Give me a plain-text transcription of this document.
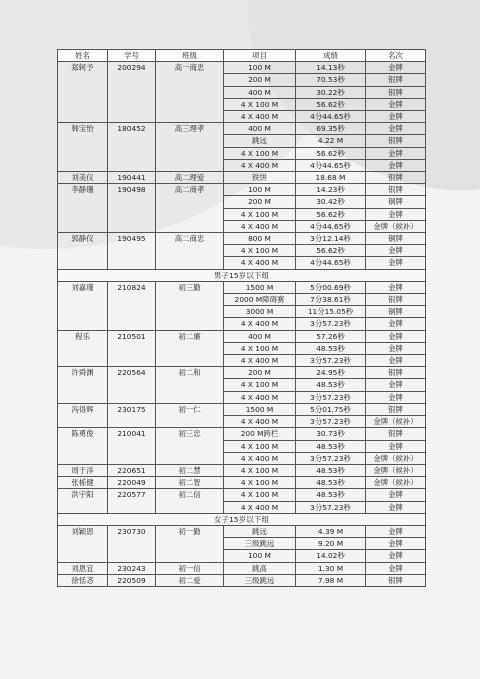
姓名	学号	班级	项目	成绩	名次
郑轲予	200294	高一商忠	100 M	14.13秒	金牌
			200 M	70.53秒	银牌
			400 M	30.22秒	银牌
			4 X 100 M	56.62秒	金牌
			4 X 400 M	4分44.65秒	金牌
韩宝怡	180452	高三理孝	400 M	69.35秒	金牌
			跳远	4.22 M	银牌
			4 X 100 M	56.62秒	金牌
			4 X 400 M	4分44.65秒	金牌
刘美仪	190441	高二理爱	铁饼	18.68 M	银牌
李静珊	190498	高二商孝	100 M	14.23秒	银牌
			200 M	30.42秒	铜牌
			4 X 100 M	56.62秒	金牌
			4 X 400 M	4分44.65秒	金牌（候补）
郭静仪	190495	高二商忠	800 M	3分12.14秒	铜牌
			4 X 100 M	56.62秒	金牌
			4 X 400 M	4分44.65秒	金牌
男子15岁以下组					
刘嘉瑾	210824	初三勤	1500 M	5分00.69秒	金牌
			2000 M障碍赛	7分38.61秒	银牌
			3000 M	11分15.05秒	铜牌
			4 X 400 M	3分57.23秒	金牌
程乐	210501	初二廉	400 M	57.26秒	金牌
			4 X 100 M	48.53秒	金牌
			4 X 400 M	3分57.23秒	金牌
许舜渊	220564	初二和	200 M	24.95秒	银牌
			4 X 100 M	48.53秒	金牌
			4 X 400 M	3分57.23秒	金牌
冯得辉	230175	初一仁	1500 M	5分01.75秒	银牌
			4 X 400 M	3分57.23秒	金牌（候补）
陈勇俊	210041	初三忠	200 M跨栏	30.73秒	银牌
			4 X 100 M	48.53秒	金牌
			4 X 400 M	3分57.23秒	金牌（候补）
周于洋	220651	初二慧	4 X 100 M	48.53秒	金牌（候补）
张栎健	220049	初二智	4 X 100 M	48.53秒	金牌（候补）
洪宇阳	220577	初二信	4 X 100 M	48.53秒	金牌
			4 X 400 M	3分57.23秒	金牌
女子15岁以下组					
刘颖恩	230730	初一勤	跳远	4.39 M	金牌
			三级跳远	9.20 M	金牌
			100 M	14.02秒	金牌
刘恩宜	230243	初一信	跳高	1.30 M	金牌
徐恬忞	220509	初二爱	三级跳远	7.98 M	银牌
